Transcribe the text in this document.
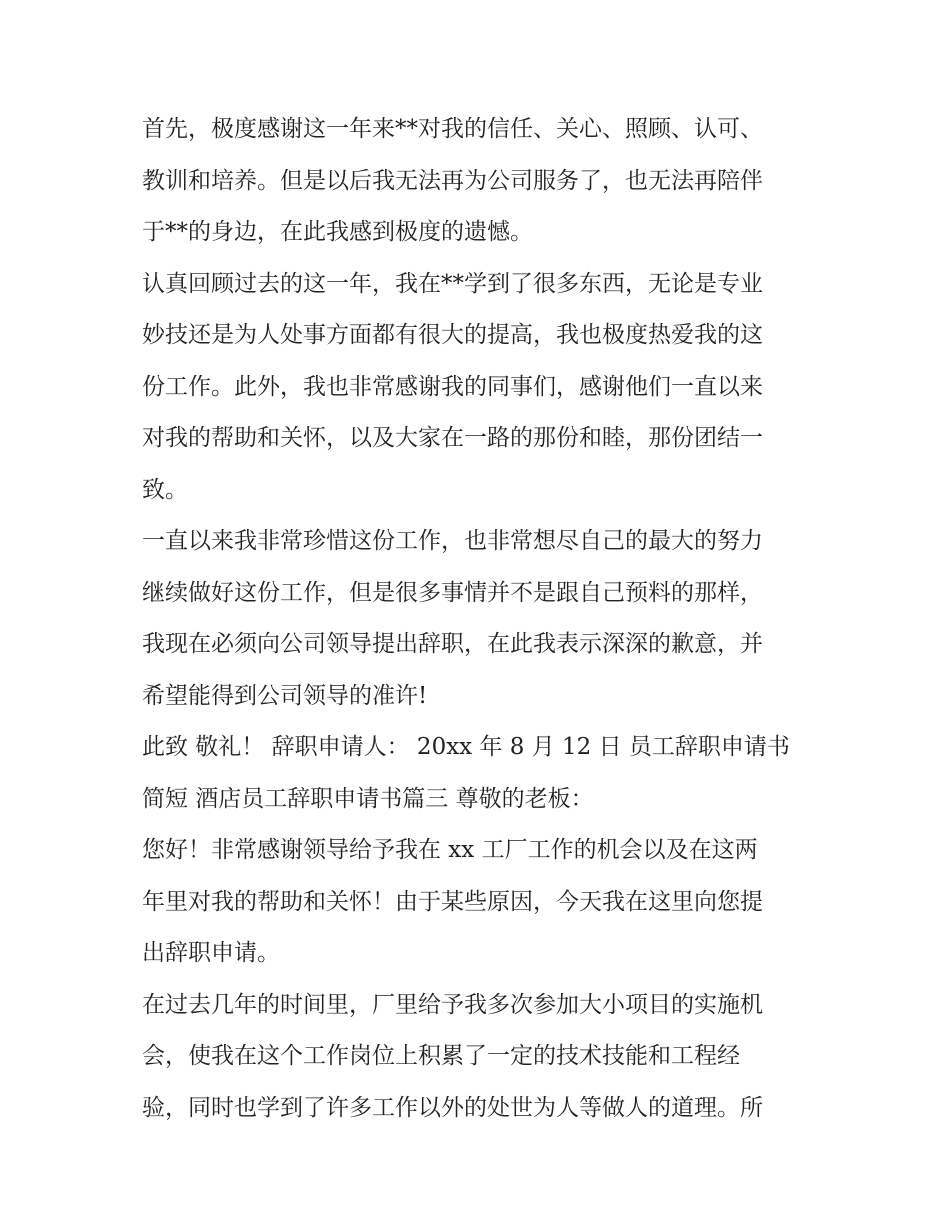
首先，极度感谢这一年来**对我的信任、关心、照顾、认可、
教训和培养。但是以后我无法再为公司服务了，也无法再陪伴
于**的身边，在此我感到极度的遗憾。
认真回顾过去的这一年，我在**学到了很多东西，无论是专业
妙技还是为人处事方面都有很大的提高，我也极度热爱我的这
份工作。此外，我也非常感谢我的同事们，感谢他们一直以来
对我的帮助和关怀，以及大家在一路的那份和睦，那份团结一
致。
一直以来我非常珍惜这份工作，也非常想尽自己的最大的努力
继续做好这份工作，但是很多事情并不是跟自己预料的那样，
我现在必须向公司领导提出辞职，在此我表示深深的歉意，并
希望能得到公司领导的准许!
此致 敬礼！ 辞职申请人： 20xx 年 8 月 12 日 员工辞职申请书
简短 酒店员工辞职申请书篇三 尊敬的老板：
您好！非常感谢领导给予我在 xx 工厂工作的机会以及在这两
年里对我的帮助和关怀！由于某些原因，今天我在这里向您提
出辞职申请。
在过去几年的时间里，厂里给予我多次参加大小项目的实施机
会，使我在这个工作岗位上积累了一定的技术技能和工程经
验，同时也学到了许多工作以外的处世为人等做人的道理。所
